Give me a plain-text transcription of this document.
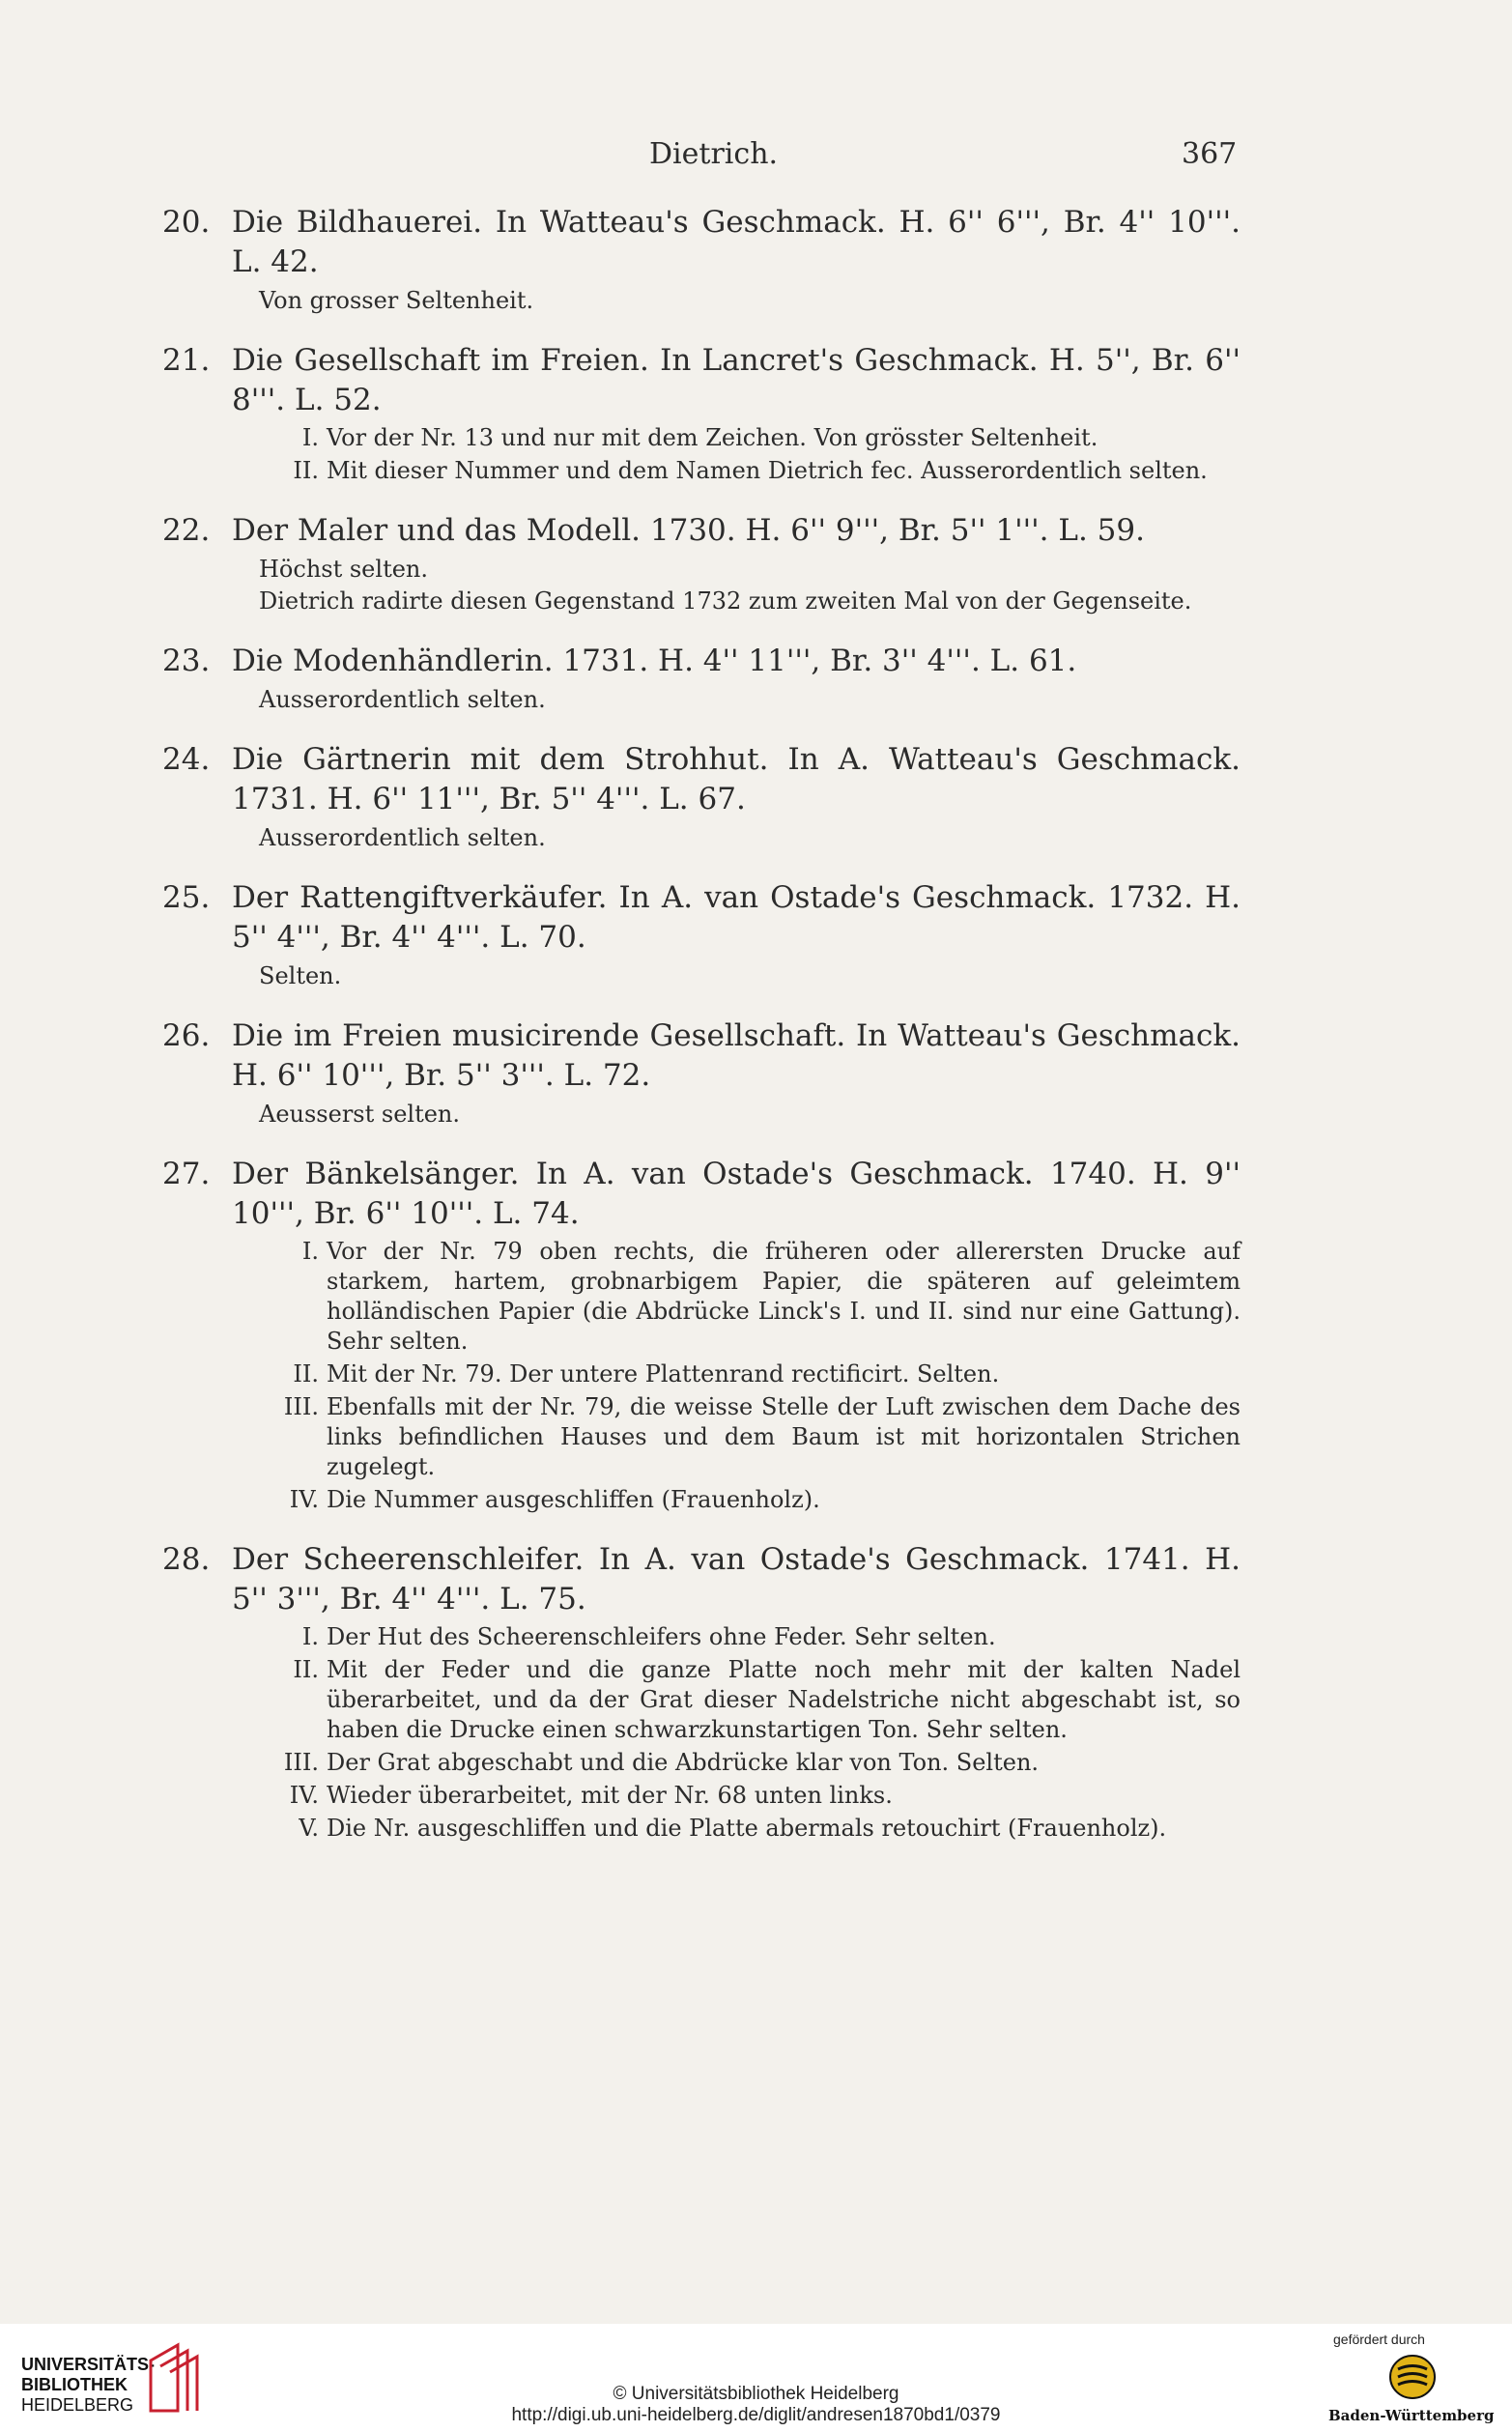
Dietrich.	367
20. Die Bildhauerei. In Watteau's Geschmack. H. 6'' 6''', Br. 4'' 10'''. L. 42.
Von grosser Seltenheit.
21. Die Gesellschaft im Freien. In Lancret's Geschmack. H. 5'', Br. 6'' 8'''. L. 52.
I. Vor der Nr. 13 und nur mit dem Zeichen. Von grösster Seltenheit.
II. Mit dieser Nummer und dem Namen Dietrich fec. Ausserordentlich selten.
22. Der Maler und das Modell. 1730. H. 6'' 9''', Br. 5'' 1'''. L. 59.
Höchst selten.
Dietrich radirte diesen Gegenstand 1732 zum zweiten Mal von der Gegenseite.
23. Die Modenhändlerin. 1731. H. 4'' 11''', Br. 3'' 4'''. L. 61.
Ausserordentlich selten.
24. Die Gärtnerin mit dem Strohhut. In A. Watteau's Geschmack. 1731. H. 6'' 11''', Br. 5'' 4'''. L. 67.
Ausserordentlich selten.
25. Der Rattengiftverkäufer. In A. van Ostade's Geschmack. 1732. H. 5'' 4''', Br. 4'' 4'''. L. 70.
Selten.
26. Die im Freien musicirende Gesellschaft. In Watteau's Geschmack. H. 6'' 10''', Br. 5'' 3'''. L. 72.
Aeusserst selten.
27. Der Bänkelsänger. In A. van Ostade's Geschmack. 1740. H. 9'' 10''', Br. 6'' 10'''. L. 74.
I. Vor der Nr. 79 oben rechts, die früheren oder allerersten Drucke auf starkem, hartem, grobnarbigem Papier, die späteren auf geleimtem holländischen Papier (die Abdrücke Linck's I. und II. sind nur eine Gattung). Sehr selten.
II. Mit der Nr. 79. Der untere Plattenrand rectificirt. Selten.
III. Ebenfalls mit der Nr. 79, die weisse Stelle der Luft zwischen dem Dache des links befindlichen Hauses und dem Baum ist mit horizontalen Strichen zugelegt.
IV. Die Nummer ausgeschliffen (Frauenholz).
28. Der Scheerenschleifer. In A. van Ostade's Geschmack. 1741. H. 5'' 3''', Br. 4'' 4'''. L. 75.
I. Der Hut des Scheerenschleifers ohne Feder. Sehr selten.
II. Mit der Feder und die ganze Platte noch mehr mit der kalten Nadel überarbeitet, und da der Grat dieser Nadelstriche nicht abgeschabt ist, so haben die Drucke einen schwarzkunstartigen Ton. Sehr selten.
III. Der Grat abgeschabt und die Abdrücke klar von Ton. Selten.
IV. Wieder überarbeitet, mit der Nr. 68 unten links.
V. Die Nr. ausgeschliffen und die Platte abermals retouchirt (Frauenholz).
UNIVERSITÄTS-
BIBLIOTHEK
HEIDELBERG
© Universitätsbibliothek Heidelberg
http://digi.ub.uni-heidelberg.de/diglit/andresen1870bd1/0379
gefördert durch
Baden-Württemberg
